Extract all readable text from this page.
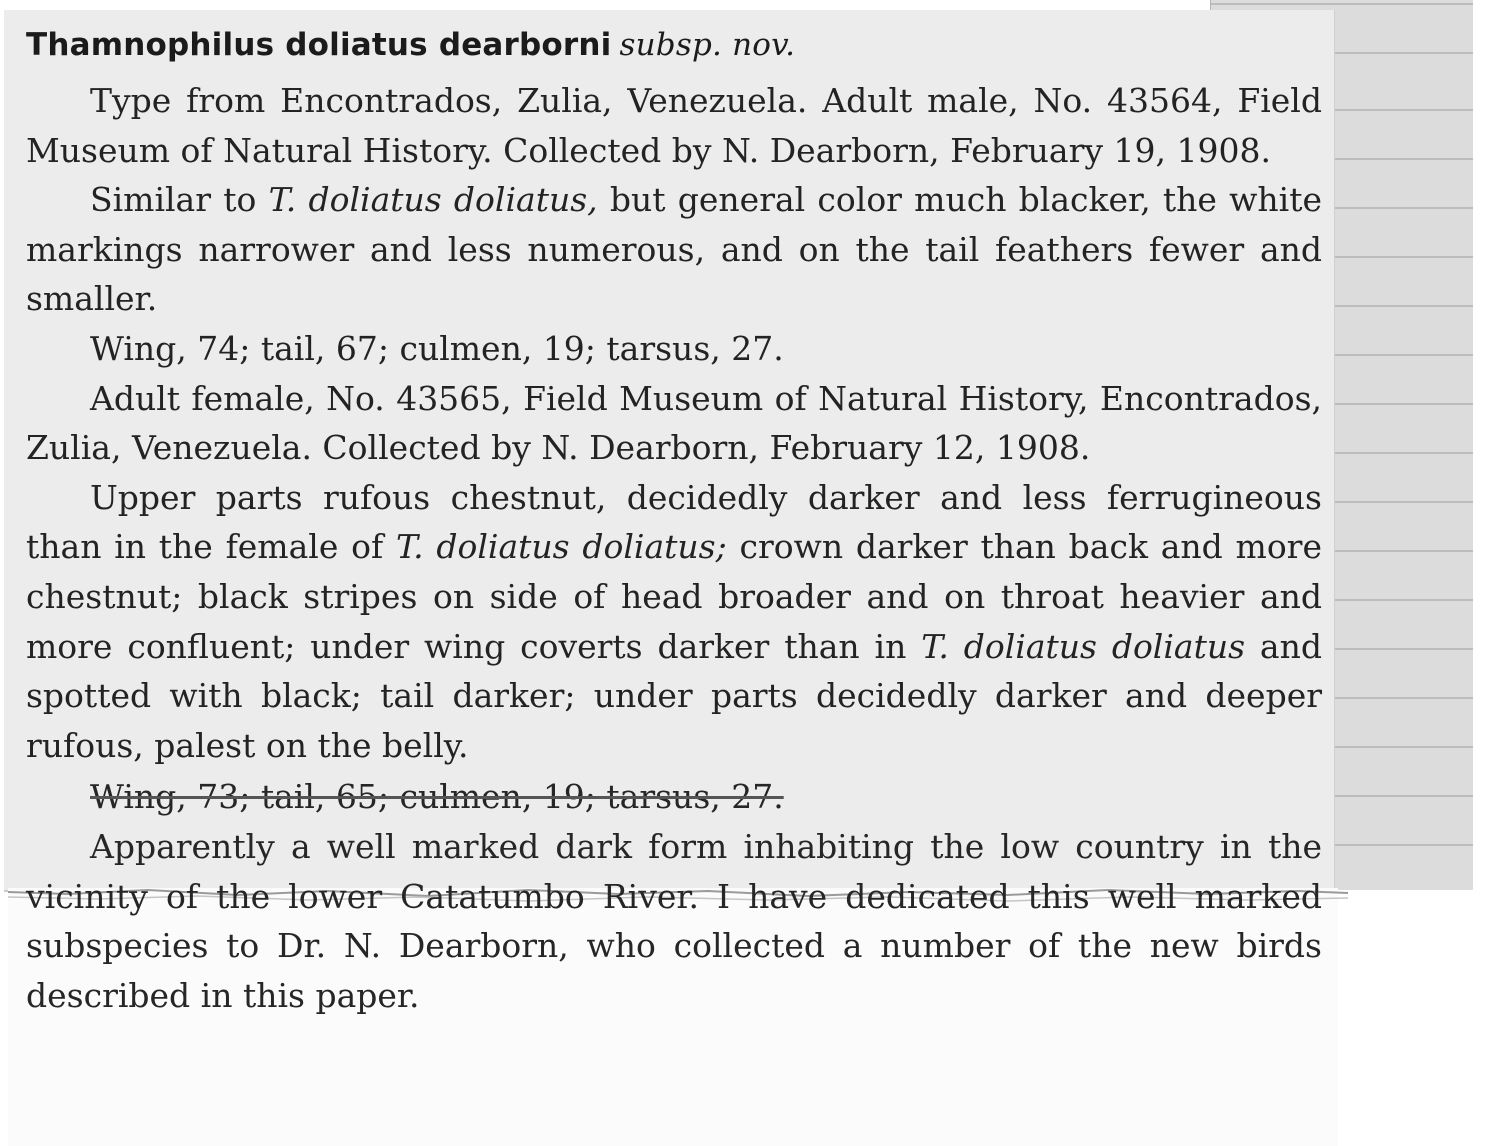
Thamnophilus doliatus dearborni subsp. nov.

Type from Encontrados, Zulia, Venezuela. Adult male, No. 43564, Field Museum of Natural History. Collected by N. Dearborn, February 19, 1908.

Similar to T. doliatus doliatus, but general color much blacker, the white markings narrower and less numerous, and on the tail feathers fewer and smaller.

Wing, 74; tail, 67; culmen, 19; tarsus, 27.

Adult female, No. 43565, Field Museum of Natural History, Encontrados, Zulia, Venezuela. Collected by N. Dearborn, February 12, 1908.

Upper parts rufous chestnut, decidedly darker and less ferrugineous than in the female of T. doliatus doliatus; crown darker than back and more chestnut; black stripes on side of head broader and on throat heavier and more confluent; under wing coverts darker than in T. doliatus doliatus and spotted with black; tail darker; under parts decidedly darker and deeper rufous, palest on the belly.

Wing, 73; tail, 65; culmen, 19; tarsus, 27.

Apparently a well marked dark form inhabiting the low country in the vicinity of the lower Catatumbo River. I have dedicated this well marked subspecies to Dr. N. Dearborn, who collected a number of the new birds described in this paper.
